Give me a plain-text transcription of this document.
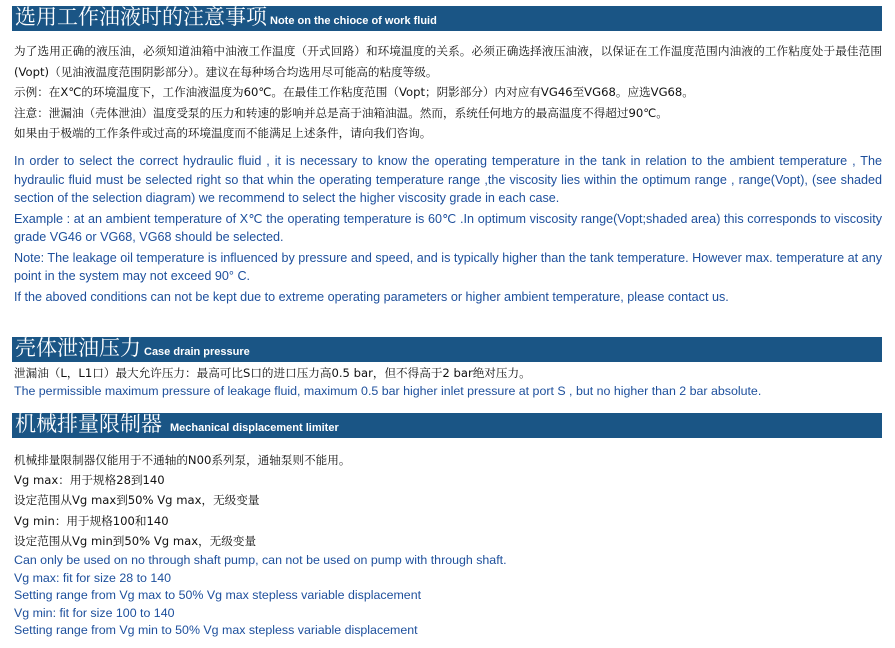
选用工作油液时的注意事项 Note on the chioce of work fluid

为了选用正确的液压油，必须知道油箱中油液工作温度（开式回路）和环境温度的关系。必须正确选择液压油液，以保证在工作温度范围内油液的工作粘度处于最佳范围(Vopt)（见油液温度范围阴影部分）。建议在每种场合均选用尽可能高的粘度等级。

示例：在X℃的环境温度下，工作油液温度为60℃。在最佳工作粘度范围（Vopt；阴影部分）内对应有VG46至VG68。应选VG68。

注意：泄漏油（壳体泄油）温度受泵的压力和转速的影响并总是高于油箱油温。然而，系统任何地方的最高温度不得超过90℃。

如果由于极端的工作条件或过高的环境温度而不能满足上述条件，请向我们咨询。

In order to select the correct hydraulic fluid , it is necessary to know the operating temperature in the tank in relation to the ambient temperature , The hydraulic fluid must be selected right so that whin the operating temperature range ,the viscosity lies within the optimum range , range(Vopt), (see shaded section of the selection diagram) we recommend to select the higher viscosity grade in each case.

Example : at an ambient temperature of X℃ the operating temperature is 60℃ .In optimum viscosity range(Vopt;shaded area) this corresponds to viscosity grade VG46 or VG68, VG68 should be selected.

Note: The leakage oil temperature is influenced by pressure and speed, and is typically higher than the tank temperature. However max. temperature at any point in the system may not exceed 90° C.

If the aboved conditions can not be kept due to extreme operating parameters or higher ambient temperature, please contact us.

壳体泄油压力 Case drain pressure

泄漏油（L，L1口）最大允许压力：最高可比S口的进口压力高0.5 bar，但不得高于2 bar绝对压力。

The permissible maximum pressure of leakage fluid, maximum 0.5 bar higher inlet pressure at port S , but no higher than 2 bar absolute.

机械排量限制器 Mechanical displacement limiter

机械排量限制器仅能用于不通轴的N00系列泵，通轴泵则不能用。

Vg max：用于规格28到140

设定范围从Vg max到50% Vg max，无级变量

Vg min：用于规格100和140

设定范围从Vg min到50% Vg max，无级变量

Can only be used on no through shaft pump, can not be used on pump with through shaft.

Vg max: fit for size 28 to 140

Setting range from Vg max to 50% Vg max stepless variable displacement

Vg min: fit for size 100 to 140

Setting range from Vg min to 50% Vg max stepless variable displacement
